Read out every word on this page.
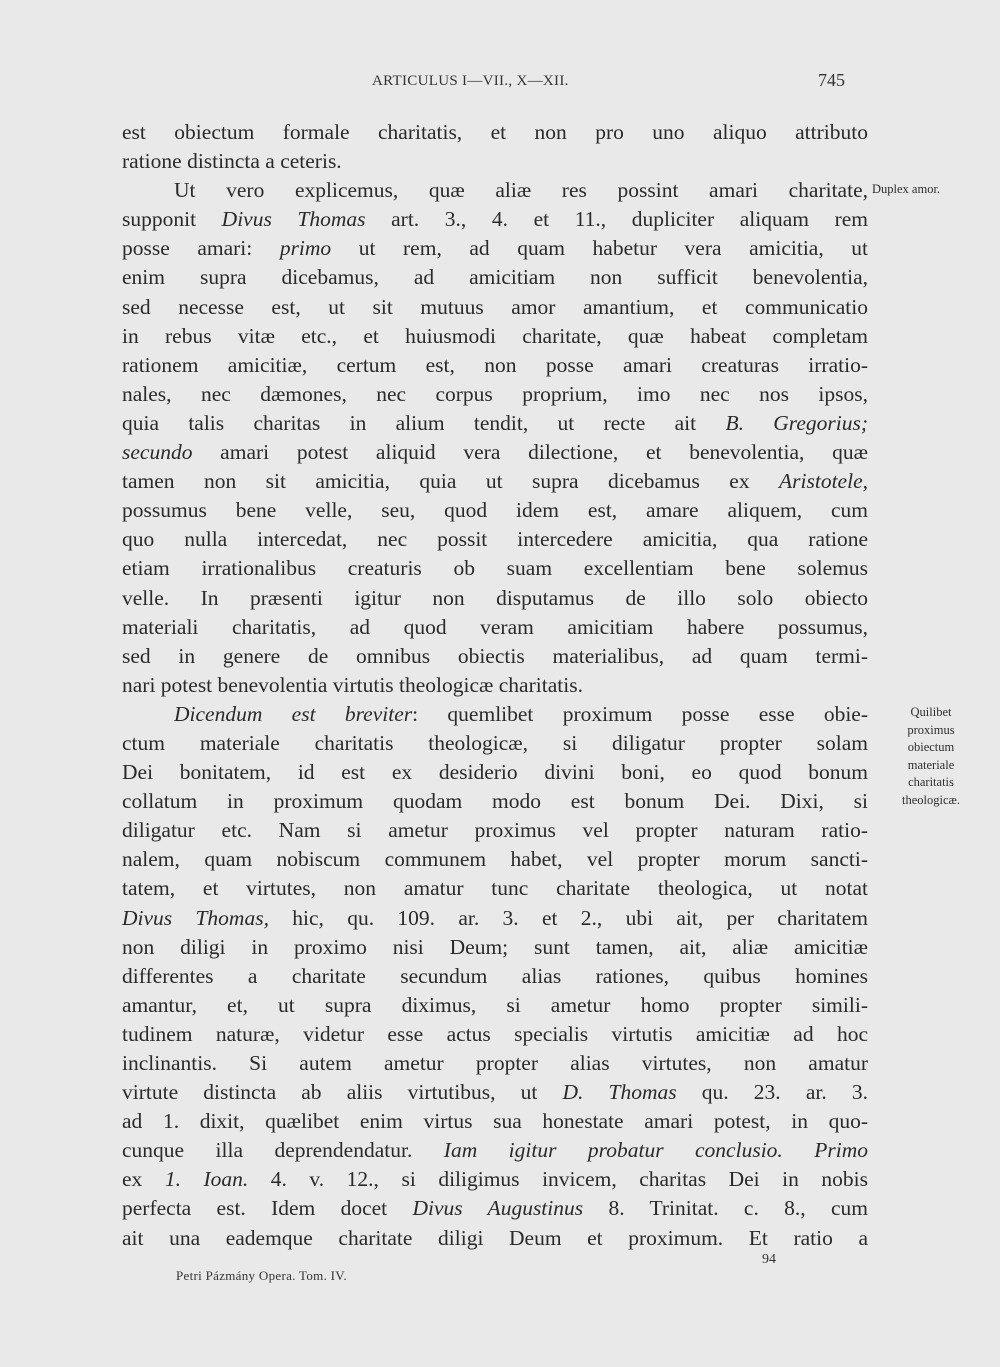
ARTICULUS I—VII., X—XII.	745
est obiectum formale charitatis, et non pro uno aliquo attributo
ratione distincta a ceteris.
Ut vero explicemus, quæ aliæ res possint amari charitate,
supponit Divus Thomas art. 3., 4. et 11., dupliciter aliquam rem
posse amari: primo ut rem, ad quam habetur vera amicitia, ut
enim supra dicebamus, ad amicitiam non sufficit benevolentia,
sed necesse est, ut sit mutuus amor amantium, et communicatio
in rebus vitæ etc., et huiusmodi charitate, quæ habeat completam
rationem amicitiæ, certum est, non posse amari creaturas irratio-
nales, nec dæmones, nec corpus proprium, imo nec nos ipsos,
quia talis charitas in alium tendit, ut recte ait B. Gregorius;
secundo amari potest aliquid vera dilectione, et benevolentia, quæ
tamen non sit amicitia, quia ut supra dicebamus ex Aristotele,
possumus bene velle, seu, quod idem est, amare aliquem, cum
quo nulla intercedat, nec possit intercedere amicitia, qua ratione
etiam irrationalibus creaturis ob suam excellentiam bene solemus
velle. In præsenti igitur non disputamus de illo solo obiecto
materiali charitatis, ad quod veram amicitiam habere possumus,
sed in genere de omnibus obiectis materialibus, ad quam termi-
nari potest benevolentia virtutis theologicæ charitatis.
Dicendum est breviter: quemlibet proximum posse esse obie-
ctum materiale charitatis theologicæ, si diligatur propter solam
Dei bonitatem, id est ex desiderio divini boni, eo quod bonum
collatum in proximum quodam modo est bonum Dei. Dixi, si
diligatur etc. Nam si ametur proximus vel propter naturam ratio-
nalem, quam nobiscum communem habet, vel propter morum sancti-
tatem, et virtutes, non amatur tunc charitate theologica, ut notat
Divus Thomas, hic, qu. 109. ar. 3. et 2., ubi ait, per charitatem
non diligi in proximo nisi Deum; sunt tamen, ait, aliæ amicitiæ
differentes a charitate secundum alias rationes, quibus homines
amantur, et, ut supra diximus, si ametur homo propter simili-
tudinem naturæ, videtur esse actus specialis virtutis amicitiæ ad hoc
inclinantis. Si autem ametur propter alias virtutes, non amatur
virtute distincta ab aliis virtutibus, ut D. Thomas qu. 23. ar. 3.
ad 1. dixit, quælibet enim virtus sua honestate amari potest, in quo-
cunque illa deprendendatur. Iam igitur probatur conclusio. Primo
ex 1. Ioan. 4. v. 12., si diligimus invicem, charitas Dei in nobis
perfecta est. Idem docet Divus Augustinus 8. Trinitat. c. 8., cum
ait una eademque charitate diligi Deum et proximum. Et ratio a
Duplex amor.
Quilibet
proximus
obiectum
materiale
charitatis
theologicæ.
Petri Pázmány Opera. Tom. IV.
94
